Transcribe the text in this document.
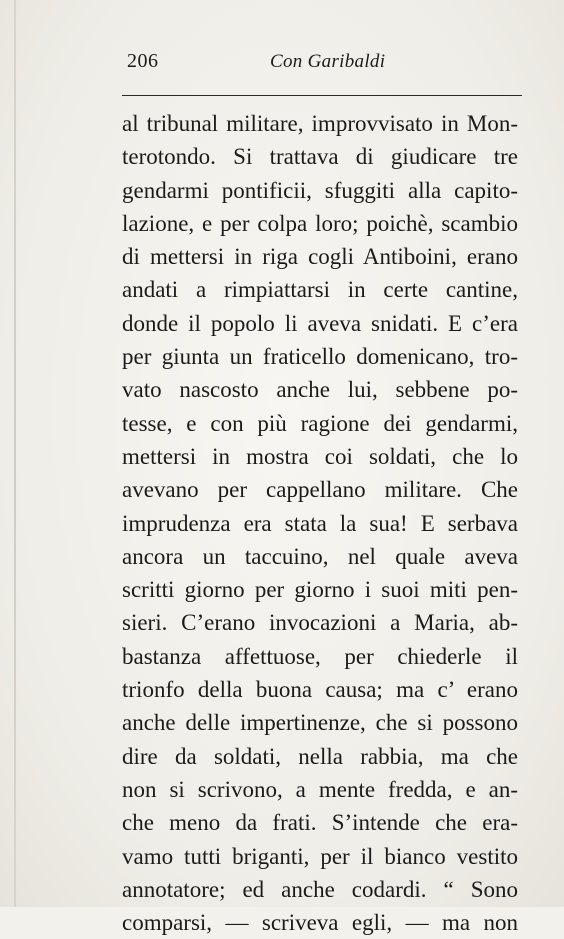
206	Con Garibaldi
al tribunal militare, improvvisato in Mon-
terotondo. Si trattava di giudicare tre
gendarmi pontificii, sfuggiti alla capito-
lazione, e per colpa loro; poichè, scambio
di mettersi in riga cogli Antiboini, erano
andati a rimpiattarsi in certe cantine,
donde il popolo li aveva snidati. E c’era
per giunta un fraticello domenicano, tro-
vato nascosto anche lui, sebbene po-
tesse, e con più ragione dei gendarmi,
mettersi in mostra coi soldati, che lo
avevano per cappellano militare. Che
imprudenza era stata la sua! E serbava
ancora un taccuino, nel quale aveva
scritti giorno per giorno i suoi miti pen-
sieri. C’erano invocazioni a Maria, ab-
bastanza affettuose, per chiederle il
trionfo della buona causa; ma c’ erano
anche delle impertinenze, che si possono
dire da soldati, nella rabbia, ma che
non si scrivono, a mente fredda, e an-
che meno da frati. S’intende che era-
vamo tutti briganti, per il bianco vestito
annotatore; ed anche codardi. “ Sono
comparsi, — scriveva egli, — ma non
